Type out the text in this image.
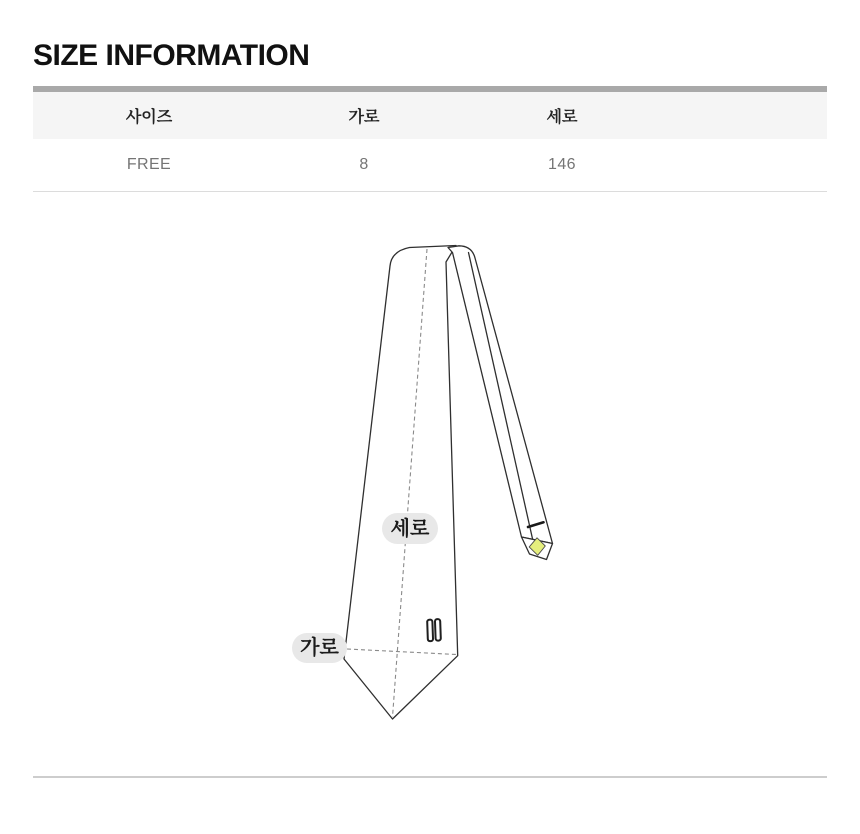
SIZE INFORMATION
사이즈	가로	세로	
FREE	8	146	
세로
가로
